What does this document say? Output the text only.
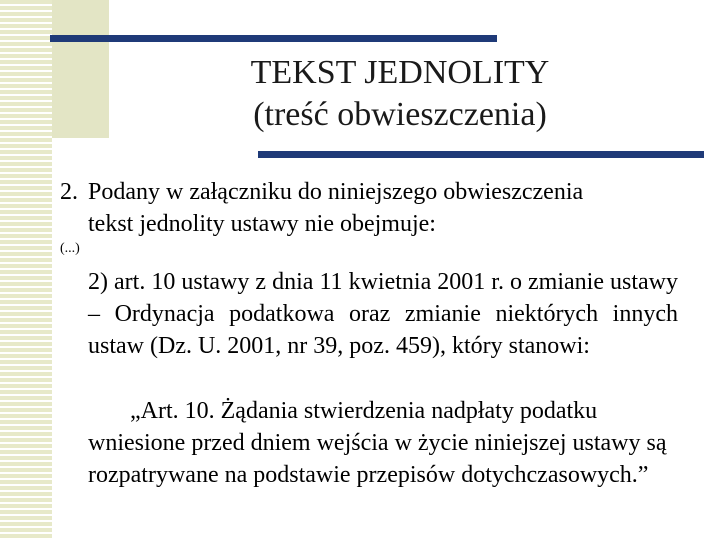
TEKST JEDNOLITY
(treść obwieszczenia)
2. Podany w załączniku do niniejszego obwieszczenia
tekst jednolity ustawy nie obejmuje:
(...)
2) art. 10 ustawy z dnia 11 kwietnia 2001 r. o zmianie ustawy – Ordynacja podatkowa oraz zmianie niektórych innych ustaw (Dz. U. 2001, nr 39, poz. 459), który stanowi:
„Art. 10. Żądania stwierdzenia nadpłaty podatku
wniesione przed dniem wejścia w życie niniejszej ustawy są rozpatrywane na podstawie przepisów dotychczasowych.”
